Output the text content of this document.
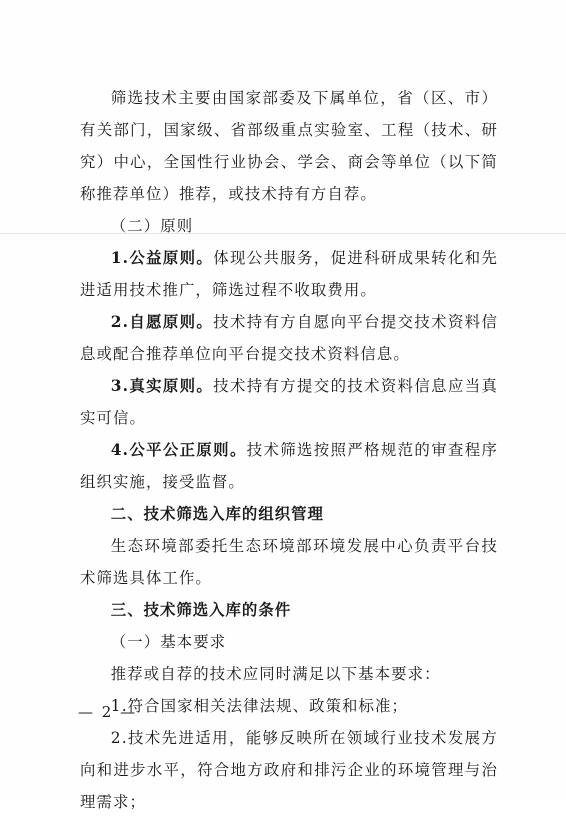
筛选技术主要由国家部委及下属单位，省（区、市）有关部门，国家级、省部级重点实验室、工程（技术、研究）中心，全国性行业协会、学会、商会等单位（以下简称推荐单位）推荐，或技术持有方自荐。

（二）原则

1.公益原则。体现公共服务，促进科研成果转化和先进适用技术推广，筛选过程不收取费用。

2.自愿原则。技术持有方自愿向平台提交技术资料信息或配合推荐单位向平台提交技术资料信息。

3.真实原则。技术持有方提交的技术资料信息应当真实可信。

4.公平公正原则。技术筛选按照严格规范的审查程序组织实施，接受监督。

二、技术筛选入库的组织管理

生态环境部委托生态环境部环境发展中心负责平台技术筛选具体工作。

三、技术筛选入库的条件

（一）基本要求

推荐或自荐的技术应同时满足以下基本要求：

1.符合国家相关法律法规、政策和标准；

2.技术先进适用，能够反映所在领域行业技术发展方向和进步水平，符合地方政府和排污企业的环境管理与治理需求；

— 2 —
